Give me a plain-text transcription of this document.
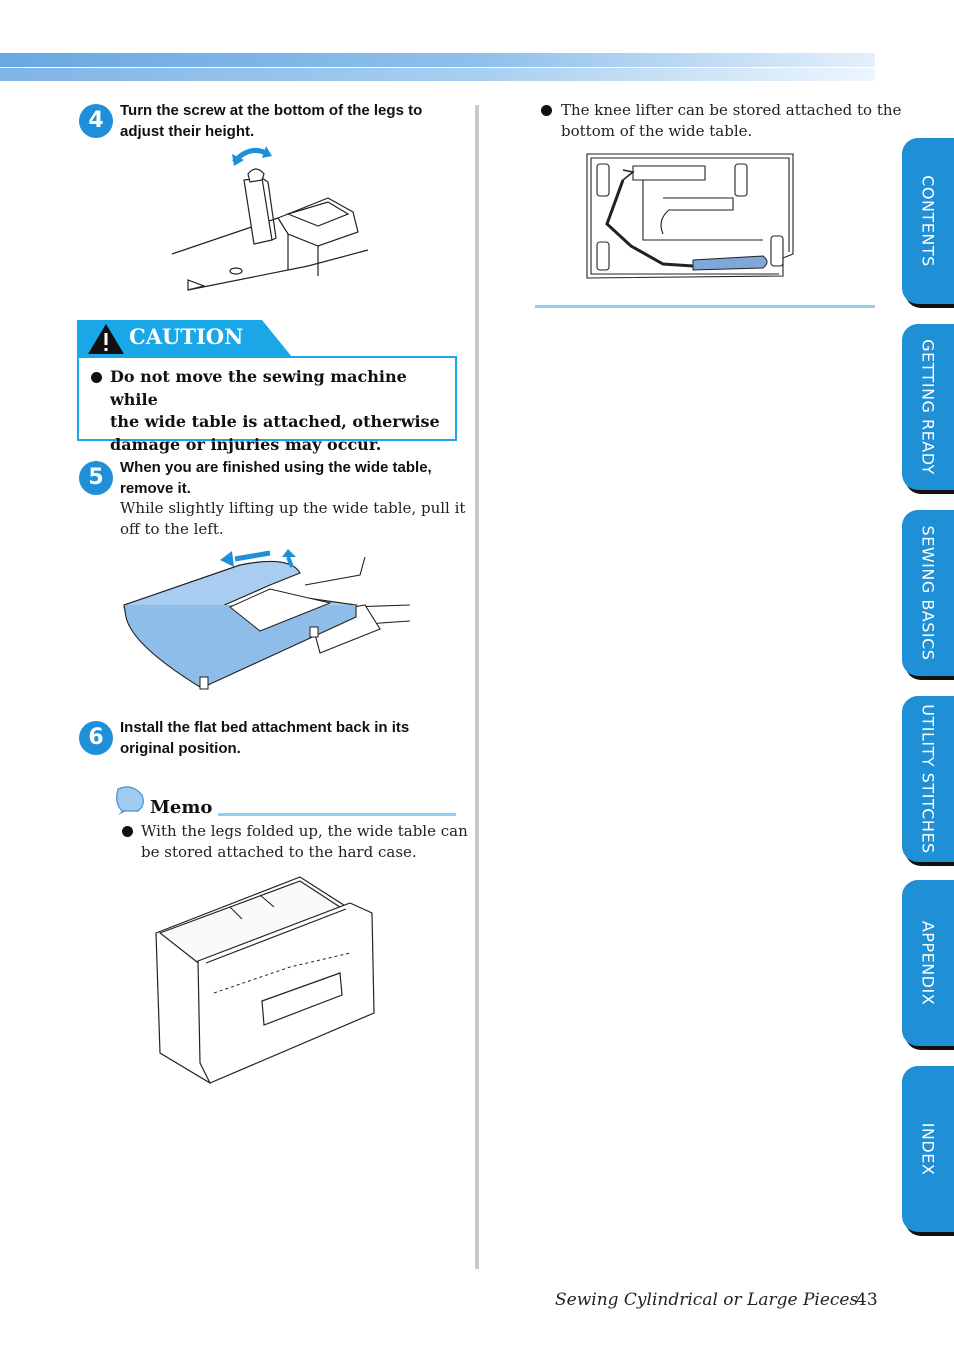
4	Turn the screw at the bottom of the legs to
adjust their height.
CAUTION
Do not move the sewing machine while
the wide table is attached, otherwise
damage or injuries may occur.
5	When you are finished using the wide table,
remove it.
While slightly lifting up the wide table, pull it
off to the left.
6	Install the flat bed attachment back in its
original position.
Memo
With the legs folded up, the wide table can
be stored attached to the hard case.
The knee lifter can be stored attached to the
bottom of the wide table.
CONTENTS
GETTING READY
SEWING BASICS
UTILITY STITCHES
APPENDIX
INDEX
Sewing Cylindrical or Large Pieces
43
